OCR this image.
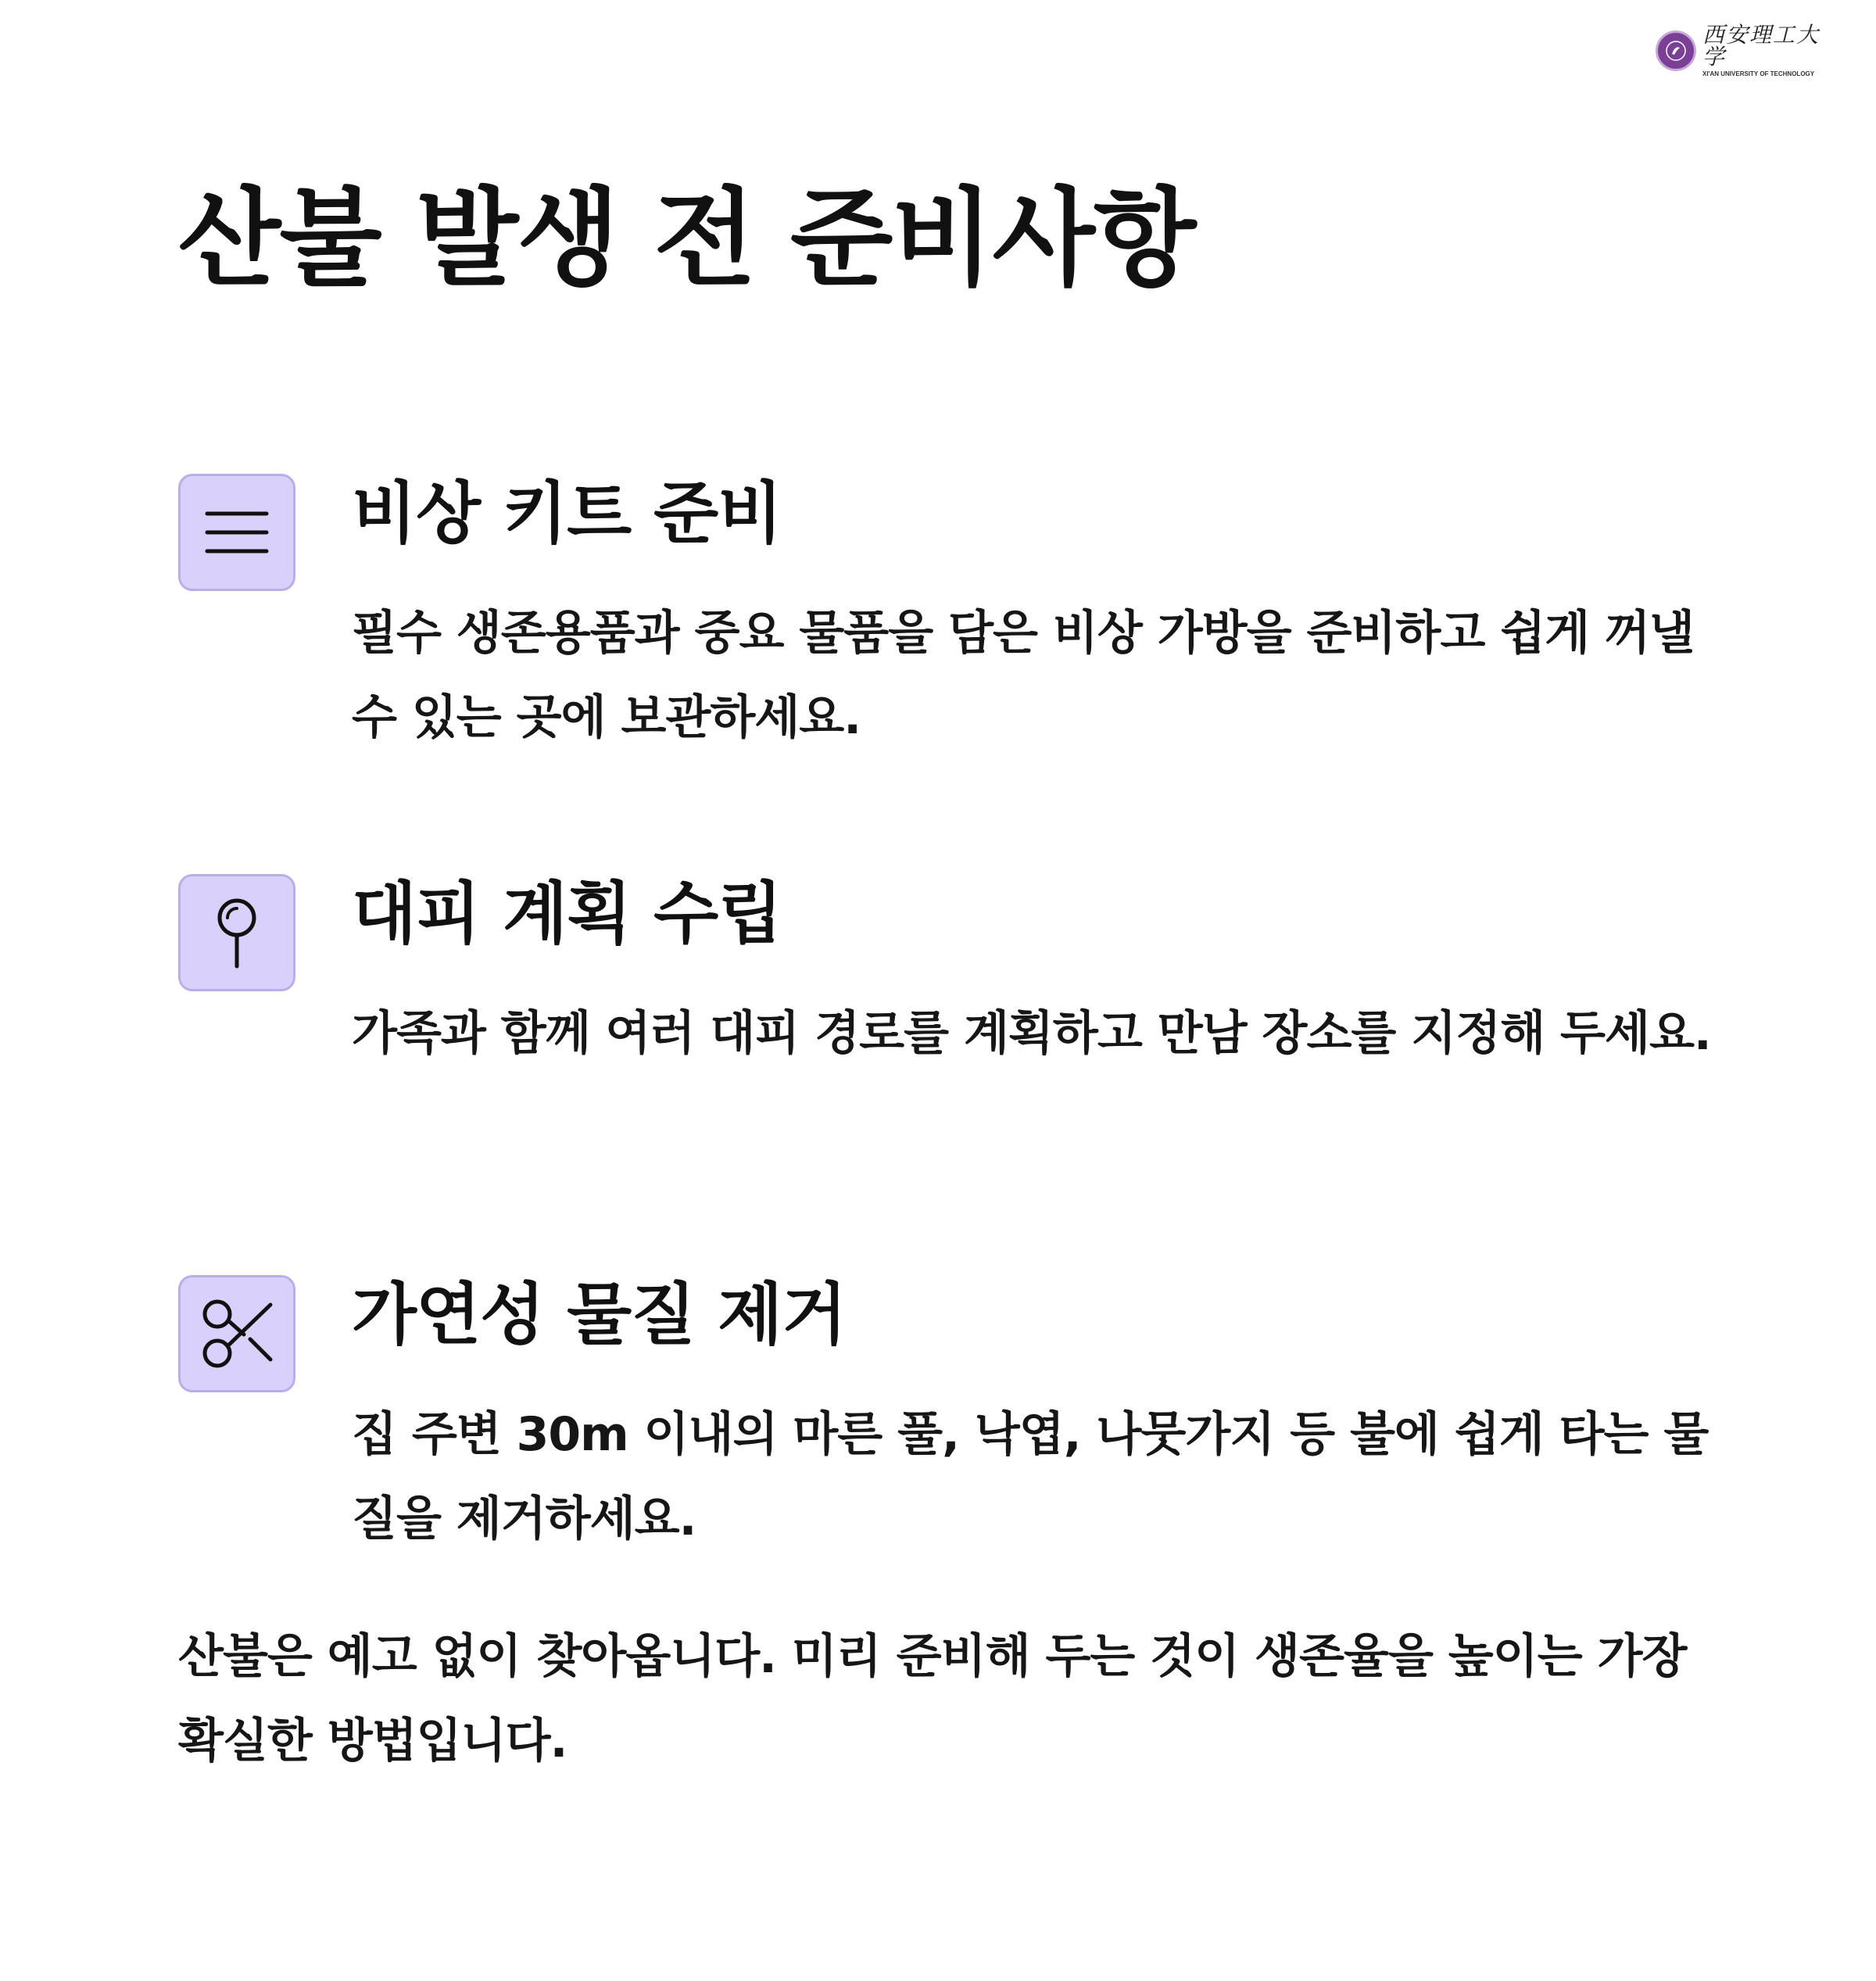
西安理工大学
XI'AN UNIVERSITY OF TECHNOLOGY
산불 발생 전 준비사항
비상 키트 준비

필수 생존용품과 중요 물품을 담은 비상 가방을 준비하고 쉽게 꺼낼 수 있는 곳에 보관하세요.

대피 계획 수립

가족과 함께 여러 대피 경로를 계획하고 만남 장소를 지정해 두세요.

가연성 물질 제거

집 주변 30m 이내의 마른 풀, 낙엽, 나뭇가지 등 불에 쉽게 타는 물질을 제거하세요.

산불은 예고 없이 찾아옵니다. 미리 준비해 두는 것이 생존율을 높이는 가장 확실한 방법입니다.
